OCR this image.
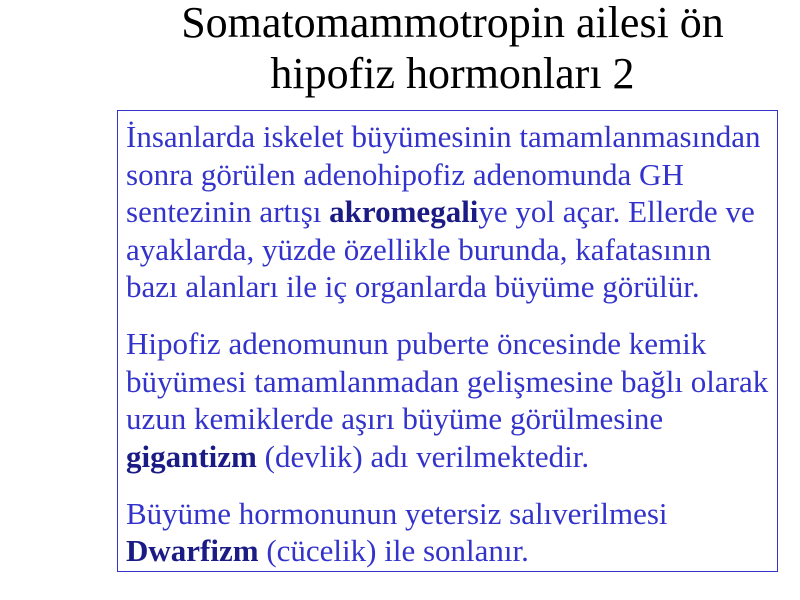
Somatomammotropin ailesi ön
hipofiz hormonları 2
İnsanlarda iskelet büyümesinin tamamlanmasından
sonra görülen adenohipofiz adenomunda GH
sentezinin artışı akromegaliye yol açar. Ellerde ve
ayaklarda, yüzde özellikle burunda, kafatasının
bazı alanları ile iç organlarda büyüme görülür.
Hipofiz adenomunun puberte öncesinde kemik
büyümesi tamamlanmadan gelişmesine bağlı olarak
uzun kemiklerde aşırı büyüme görülmesine
gigantizm (devlik) adı verilmektedir.
Büyüme hormonunun yetersiz salıverilmesi
Dwarfizm (cücelik) ile sonlanır.
